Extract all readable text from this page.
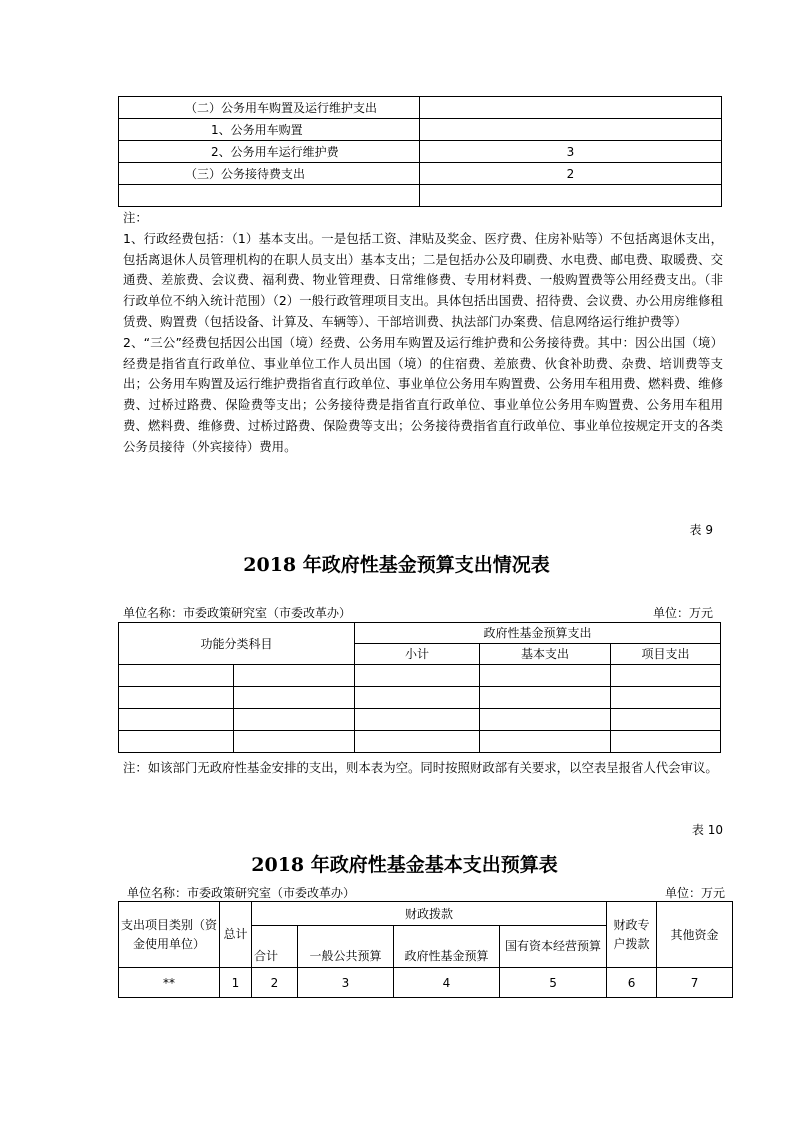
（二）公务用车购置及运行维护支出	
1、公务用车购置	
2、公务用车运行维护费	3
（三）公务接待费支出	2

注：
1、行政经费包括：（1）基本支出。一是包括工资、津贴及奖金、医疗费、住房补贴等）不包括离退休支出，包括离退休人员管理机构的在职人员支出）基本支出；二是包括办公及印刷费、水电费、邮电费、取暖费、交通费、差旅费、会议费、福利费、物业管理费、日常维修费、专用材料费、一般购置费等公用经费支出。（非行政单位不纳入统计范围）（2）一般行政管理项目支出。具体包括出国费、招待费、会议费、办公用房维修租赁费、购置费（包括设备、计算及、车辆等）、干部培训费、执法部门办案费、信息网络运行维护费等）
2、“三公”经费包括因公出国（境）经费、公务用车购置及运行维护费和公务接待费。其中：因公出国（境）经费是指省直行政单位、事业单位工作人员出国（境）的住宿费、差旅费、伙食补助费、杂费、培训费等支出；公务用车购置及运行维护费指省直行政单位、事业单位公务用车购置费、公务用车租用费、燃料费、维修费、过桥过路费、保险费等支出；公务接待费是指省直行政单位、事业单位公务用车购置费、公务用车租用费、燃料费、维修费、过桥过路费、保险费等支出；公务接待费指省直行政单位、事业单位按规定开支的各类公务员接待（外宾接待）费用。
表 9
2018 年政府性基金预算支出情况表
单位名称：市委政策研究室（市委改革办）	单位：万元
功能分类科目		政府性基金预算支出		
		小计	基本支出	项目支出

注：如该部门无政府性基金安排的支出，则本表为空。同时按照财政部有关要求，以空表呈报省人代会审议。
表 10
2018 年政府性基金基本支出预算表
单位名称：市委政策研究室（市委改革办）	单位：万元
支出项目类别（资金使用单位）	总计	财政拨款				财政专户拨款	其他资金
		合计	一般公共预算	政府性基金预算	国有资本经营预算		
**	1	2	3	4	5	6	7
